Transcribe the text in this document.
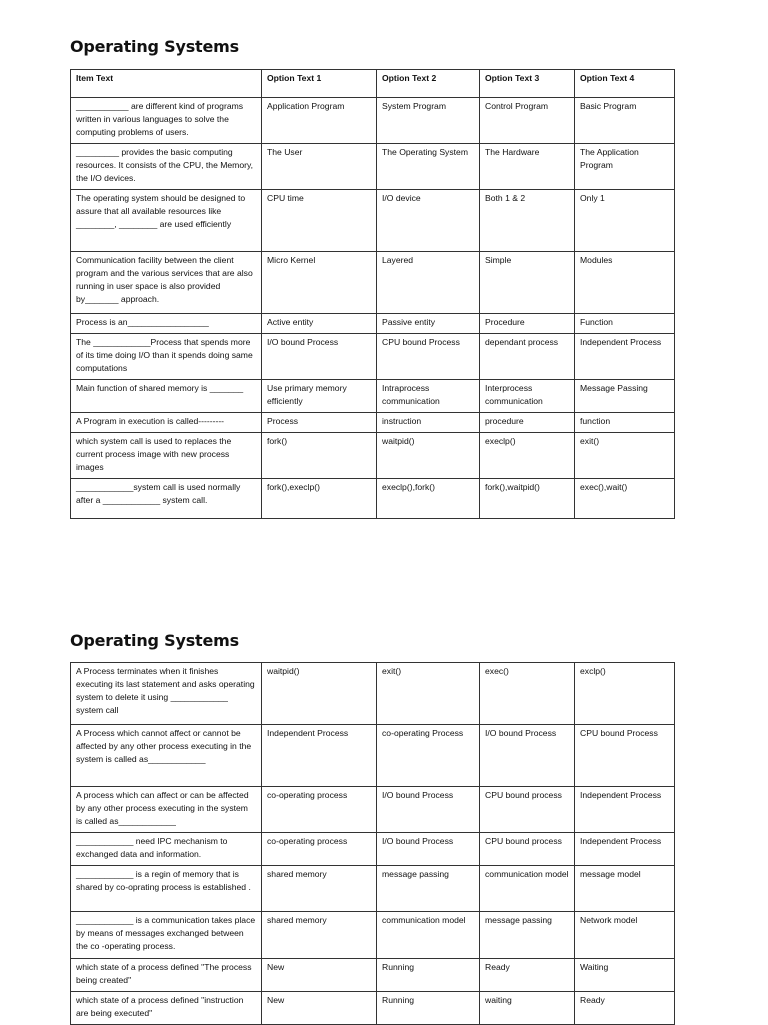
Operating Systems
Item Text	Option Text 1	Option Text 2	Option Text 3	Option Text 4
___________ are different kind of programs written in various languages to solve the computing problems of users.	Application Program	System Program	Control Program	Basic Program
_________ provides the basic computing resources. It consists of the CPU, the Memory, the I/O devices.	The User	The Operating System	The Hardware	The Application Program
The operating system should be designed to assure that all available resources like ________, ________ are used efficiently	CPU time	I/O device	Both 1 & 2	Only 1
Communication facility between the client program and the various services that are also running in user space is also provided by_______ approach.	Micro Kernel	Layered	Simple	Modules
Process is an_________________	Active entity	Passive entity	Procedure	Function
The ____________Process that spends more of its time doing I/O than it spends doing same computations	I/O bound Process	CPU bound Process	dependant process	Independent Process
Main function of shared memory is _______	Use primary memory efficiently	Intraprocess communication	Interprocess communication	Message Passing
A Program in execution is called---------	Process	instruction	procedure	function
which system call is used to replaces the current process image with new process images	fork()	waitpid()	execlp()	exit()
____________system call is used normally after a ____________ system call.	fork(),execlp()	execlp(),fork()	fork(),waitpid()	exec(),wait()
Operating Systems
A Process terminates when it finishes executing its last statement and asks operating system to delete it using ____________ system call	waitpid()	exit()	exec()	exclp()
A Process which cannot affect or cannot be affected by any other process executing in the system is called as____________	Independent Process	co-operating Process	I/O bound Process	CPU bound Process
A process which can affect or can be affected by any other process executing in the system is called as____________	co-operating process	I/O bound Process	CPU bound process	Independent Process
____________ need IPC mechanism to exchanged data and information.	co-operating process	I/O bound Process	CPU bound process	Independent Process
____________ is a regin of memory that is shared by co-oprating process is established .	shared memory	message passing	communication model	message model
____________ is a communication takes place by means of messages exchanged between the co -operating process.	shared memory	communication model	message passing	Network model
which state of a process defined "The process being created"	New	Running	Ready	Waiting
which state of a process defined "instruction are being executed"	New	Running	waiting	Ready
